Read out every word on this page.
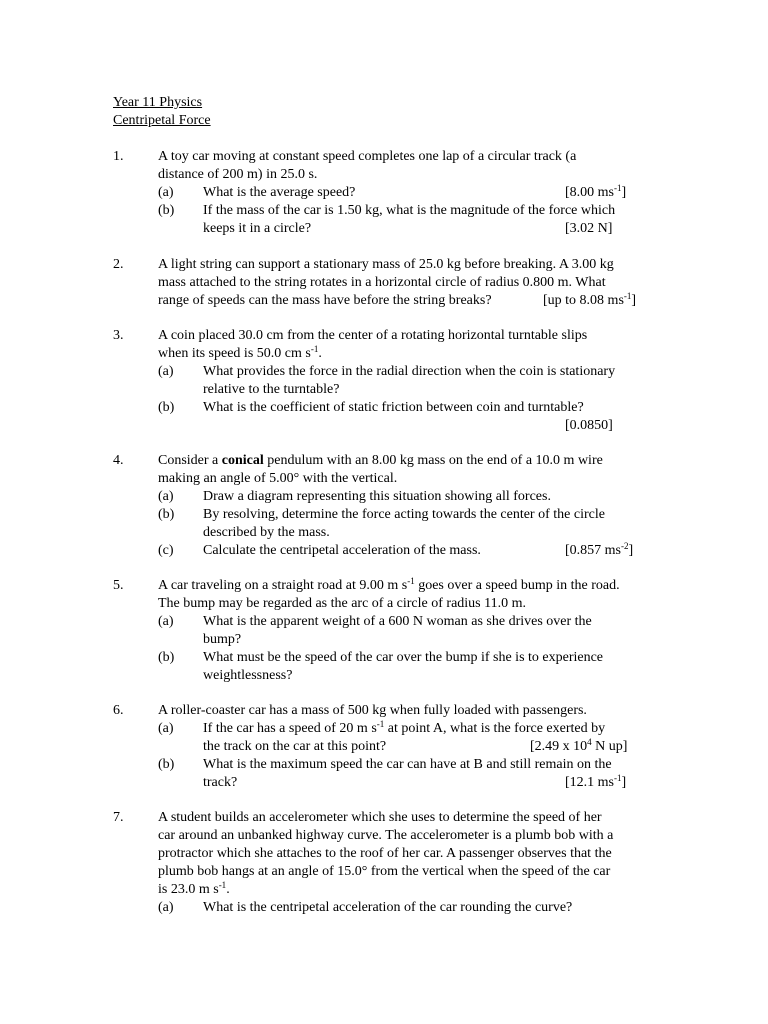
Year 11 Physics
Centripetal Force
1. A toy car moving at constant speed completes one lap of a circular track (a
distance of 200 m) in 25.0 s.
(a) What is the average speed?	[8.00 $ms^{-1}$]
(b) If the mass of the car is 1.50 kg, what is the magnitude of the force which
keeps it in a circle?	[3.02 N]
2. A light string can support a stationary mass of 25.0 kg before breaking. A 3.00 kg
mass attached to the string rotates in a horizontal circle of radius 0.800 m. What
range of speeds can the mass have before the string breaks?	[up to 8.08 $ms^{-1}$]
3. A coin placed 30.0 cm from the center of a rotating horizontal turntable slips
when its speed is 50.0 cm $s^{-1}$.
(a) What provides the force in the radial direction when the coin is stationary
relative to the turntable?
(b) What is the coefficient of static friction between coin and turntable?
[0.0850]
4. Consider a conical pendulum with an 8.00 kg mass on the end of a 10.0 m wire
making an angle of 5.00° with the vertical.
(a) Draw a diagram representing this situation showing all forces.
(b) By resolving, determine the force acting towards the center of the circle
described by the mass.
(c) Calculate the centripetal acceleration of the mass.	[0.857 $ms^{-2}$]
5. A car traveling on a straight road at 9.00 m $s^{-1}$ goes over a speed bump in the road.
The bump may be regarded as the arc of a circle of radius 11.0 m.
(a) What is the apparent weight of a 600 N woman as she drives over the
bump?
(b) What must be the speed of the car over the bump if she is to experience
weightlessness?
6. A roller-coaster car has a mass of 500 kg when fully loaded with passengers.
(a) If the car has a speed of 20 m $s^{-1}$ at point A, what is the force exerted by
the track on the car at this point?	[2.49 x $10^4$ N up]
(b) What is the maximum speed the car can have at B and still remain on the
track?	[12.1 $ms^{-1}$]
7. A student builds an accelerometer which she uses to determine the speed of her
car around an unbanked highway curve. The accelerometer is a plumb bob with a
protractor which she attaches to the roof of her car. A passenger observes that the
plumb bob hangs at an angle of 15.0° from the vertical when the speed of the car
is 23.0 m $s^{-1}$.
(a) What is the centripetal acceleration of the car rounding the curve?
